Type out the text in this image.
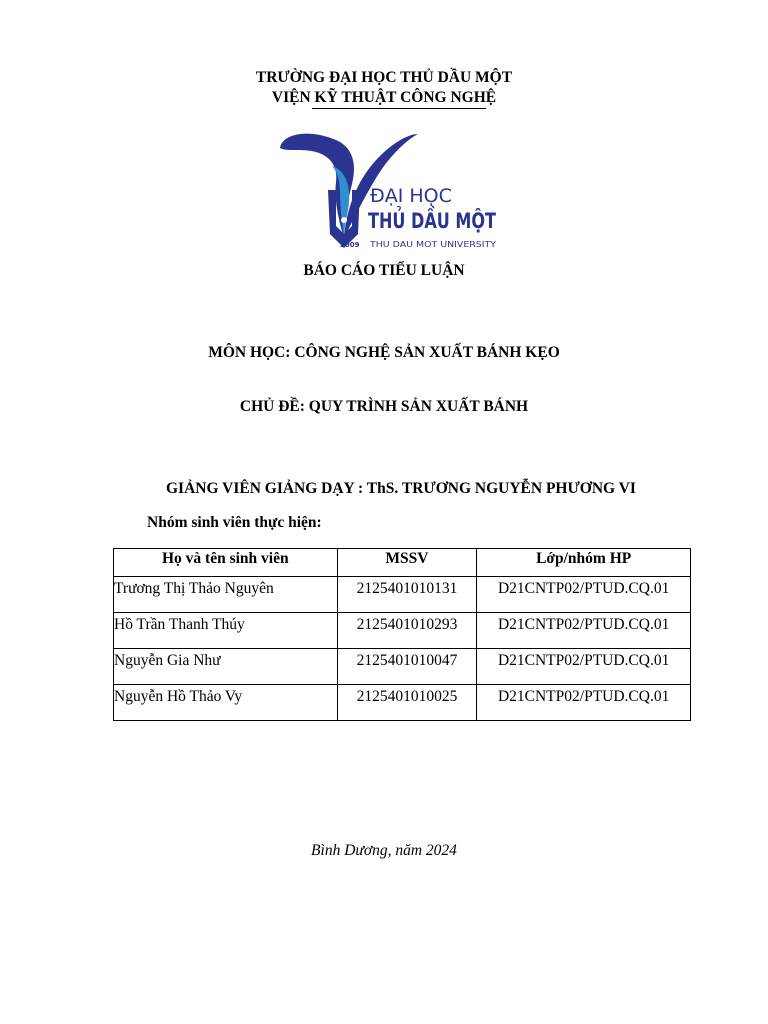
TRƯỜNG ĐẠI HỌC THỦ DẦU MỘT
VIỆN KỸ THUẬT CÔNG NGHỆ
ĐẠI HỌC
THỦ DẦU MỘT
2009 THU DAU MOT UNIVERSITY
BÁO CÁO TIỂU LUẬN
MÔN HỌC: CÔNG NGHỆ SẢN XUẤT BÁNH KẸO
CHỦ ĐỀ: QUY TRÌNH SẢN XUẤT BÁNH
GIẢNG VIÊN GIẢNG DẠY : ThS. TRƯƠNG NGUYỄN PHƯƠNG VI
Nhóm sinh viên thực hiện:
Họ và tên sinh viên	MSSV	Lớp/nhóm HP
Trương Thị Thảo Nguyên	2125401010131	D21CNTP02/PTUD.CQ.01
Hồ Trần Thanh Thúy	2125401010293	D21CNTP02/PTUD.CQ.01
Nguyễn Gia Như	2125401010047	D21CNTP02/PTUD.CQ.01
Nguyễn Hồ Thảo Vy	2125401010025	D21CNTP02/PTUD.CQ.01
Bình Dương, năm 2024
